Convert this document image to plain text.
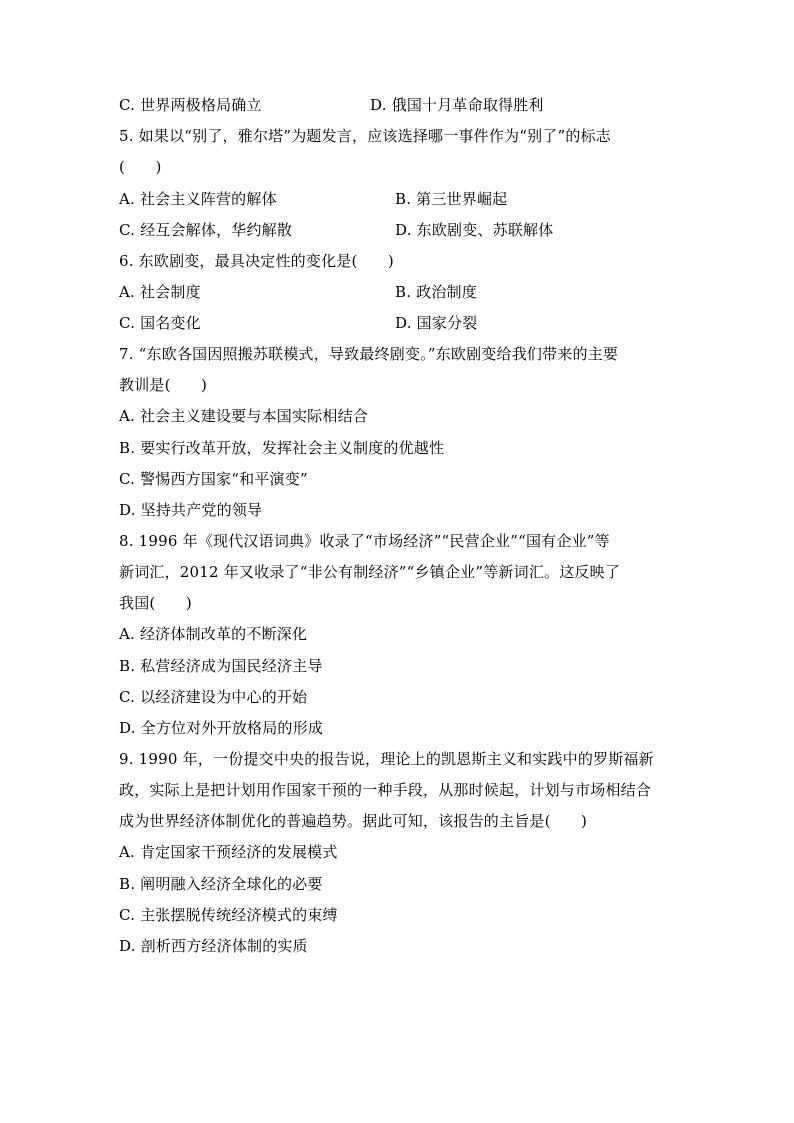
C. 世界两极格局确立	D. 俄国十月革命取得胜利
5. 如果以“别了，雅尔塔”为题发言，应该选择哪一事件作为“别了”的标志
(　　)
A. 社会主义阵营的解体	B. 第三世界崛起
C. 经互会解体，华约解散	D. 东欧剧变、苏联解体
6. 东欧剧变，最具决定性的变化是(　　)
A. 社会制度	B. 政治制度
C. 国名变化	D. 国家分裂
7. “东欧各国因照搬苏联模式，导致最终剧变。”东欧剧变给我们带来的主要
教训是(　　)
A. 社会主义建设要与本国实际相结合
B. 要实行改革开放，发挥社会主义制度的优越性
C. 警惕西方国家“和平演变”
D. 坚持共产党的领导
8. 1996 年《现代汉语词典》收录了“市场经济”“民营企业”“国有企业”等
新词汇，2012 年又收录了“非公有制经济”“乡镇企业”等新词汇。这反映了
我国(　　)
A. 经济体制改革的不断深化
B. 私营经济成为国民经济主导
C. 以经济建设为中心的开始
D. 全方位对外开放格局的形成
9. 1990 年，一份提交中央的报告说，理论上的凯恩斯主义和实践中的罗斯福新
政，实际上是把计划用作国家干预的一种手段，从那时候起，计划与市场相结合
成为世界经济体制优化的普遍趋势。据此可知，该报告的主旨是(　　)
A. 肯定国家干预经济的发展模式
B. 阐明融入经济全球化的必要
C. 主张摆脱传统经济模式的束缚
D. 剖析西方经济体制的实质
